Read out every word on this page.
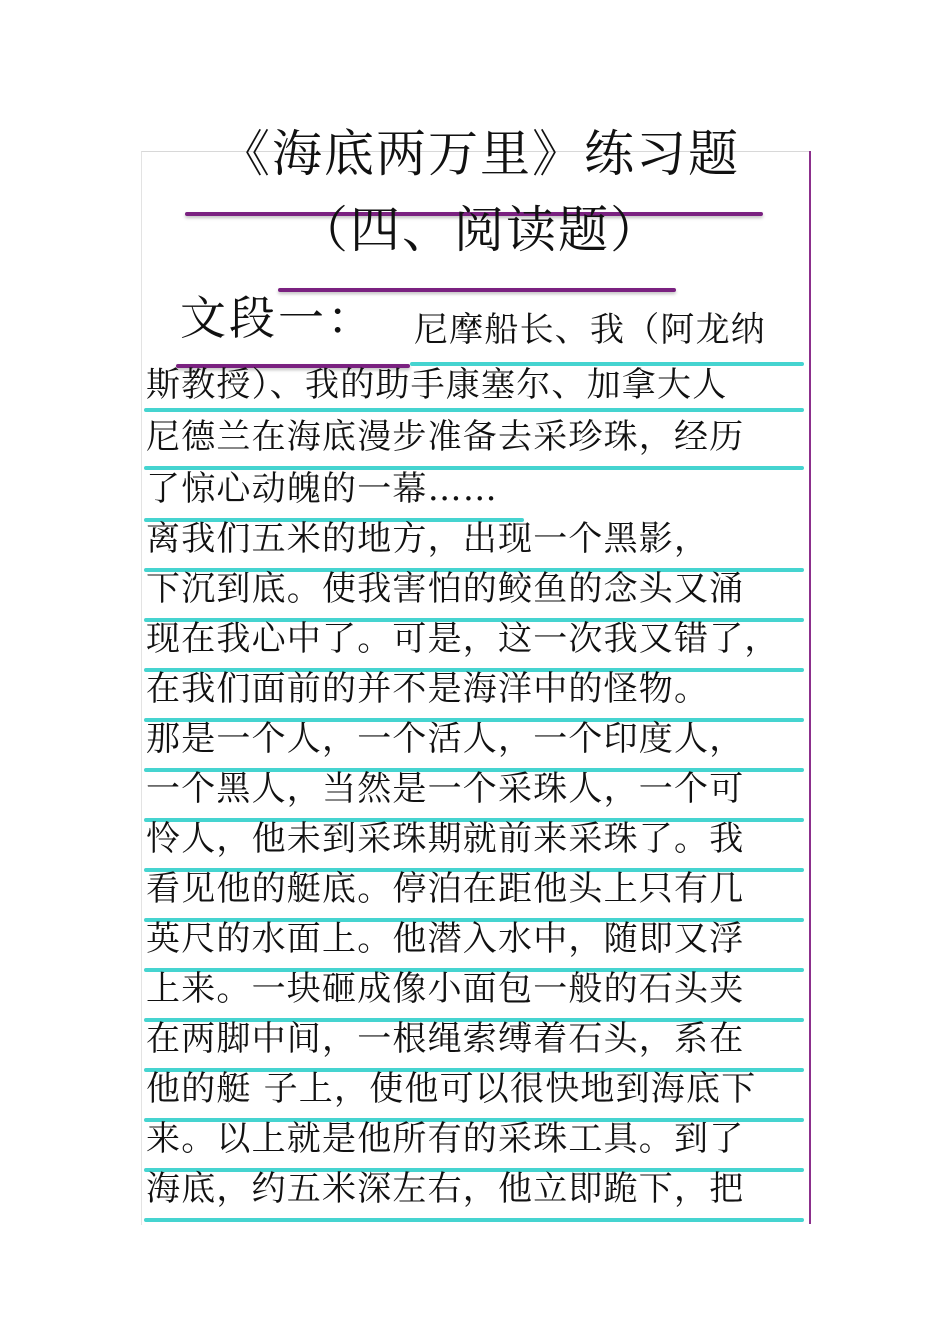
《海底两万里》练习题
（四、阅读题）
文段一： 尼摩船长、我（阿龙纳
斯教授）、我的助手康塞尔、加拿大人
尼德兰在海底漫步准备去采珍珠，经历
了惊心动魄的一幕……
离我们五米的地方，出现一个黑影，
下沉到底。使我害怕的鲛鱼的念头又涌
现在我心中了。可是，这一次我又错了，
在我们面前的并不是海洋中的怪物。
那是一个人，一个活人，一个印度人，
一个黑人，当然是一个采珠人，一个可
怜人，他未到采珠期就前来采珠了。我
看见他的艇底。停泊在距他头上只有几
英尺的水面上。他潜入水中，随即又浮
上来。一块砸成像小面包一般的石头夹
在两脚中间，一根绳索缚着石头，系在
他的艇 子上，使他可以很快地到海底下
来。以上就是他所有的采珠工具。到了
海底，约五米深左右，他立即跪下，把
